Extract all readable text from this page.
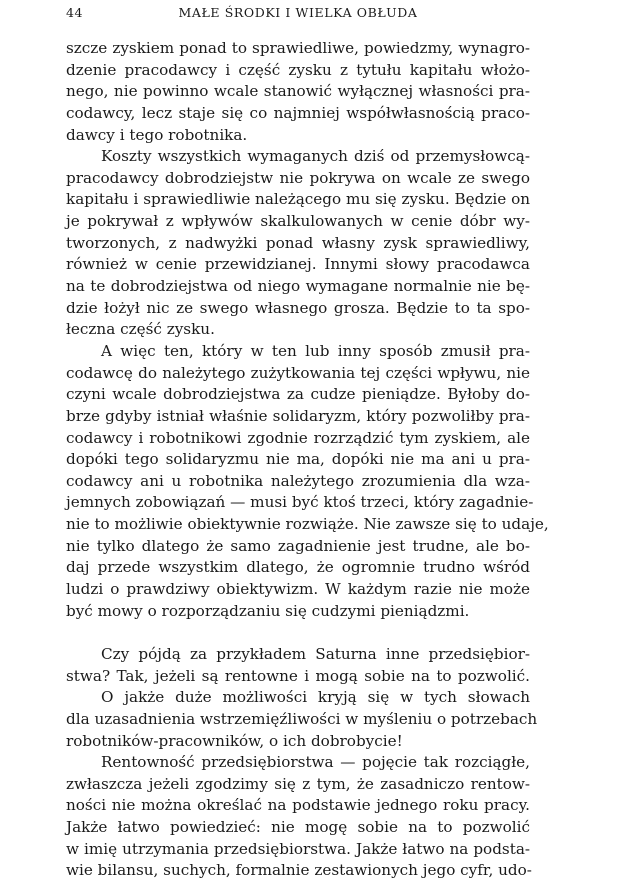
44	MAŁE ŚRODKI I WIELKA OBŁUDA
szcze zyskiem ponad to sprawiedliwe, powiedzmy, wynagro-
dzenie pracodawcy i część zysku z tytułu kapitału włożo-
nego, nie powinno wcale stanowić wyłącznej własności pra-
codawcy, lecz staje się co najmniej współwłasnością praco-
dawcy i tego robotnika.
Koszty wszystkich wymaganych dziś od przemysłowcą-
pracodawcy dobrodziejstw nie pokrywa on wcale ze swego
kapitału i sprawiedliwie należącego mu się zysku. Będzie on
je pokrywał z wpływów skalkulowanych w cenie dóbr wy-
tworzonych, z nadwyżki ponad własny zysk sprawiedliwy,
również w cenie przewidzianej. Innymi słowy pracodawca
na te dobrodziejstwa od niego wymagane normalnie nie bę-
dzie łożył nic ze swego własnego grosza. Będzie to ta spo-
łeczna część zysku.
A więc ten, który w ten lub inny sposób zmusił pra-
codawcę do należytego zużytkowania tej części wpływu, nie
czyni wcale dobrodziejstwa za cudze pieniądze. Byłoby do-
brze gdyby istniał właśnie solidaryzm, który pozwoliłby pra-
codawcy i robotnikowi zgodnie rozrządzić tym zyskiem, ale
dopóki tego solidaryzmu nie ma, dopóki nie ma ani u pra-
codawcy ani u robotnika należytego zrozumienia dla wza-
jemnych zobowiązań — musi być ktoś trzeci, który zagadnie-
nie to możliwie obiektywnie rozwiąże. Nie zawsze się to udaje,
nie tylko dlatego że samo zagadnienie jest trudne, ale bo-
daj przede wszystkim dlatego, że ogromnie trudno wśród
ludzi o prawdziwy obiektywizm. W każdym razie nie może
być mowy o rozporządzaniu się cudzymi pieniądzmi.
Czy pójdą za przykładem Saturna inne przedsiębior-
stwa? Tak, jeżeli są rentowne i mogą sobie na to pozwolić.
O jakże duże możliwości kryją się w tych słowach
dla uzasadnienia wstrzemięźliwości w myśleniu o potrzebach
robotników-pracowników, o ich dobrobycie!
Rentowność przedsiębiorstwa — pojęcie tak rozciągłe,
zwłaszcza jeżeli zgodzimy się z tym, że zasadniczo rentow-
ności nie można określać na podstawie jednego roku pracy.
Jakże łatwo powiedzieć: nie mogę sobie na to pozwolić
w imię utrzymania przedsiębiorstwa. Jakże łatwo na podsta-
wie bilansu, suchych, formalnie zestawionych jego cyfr, udo-
